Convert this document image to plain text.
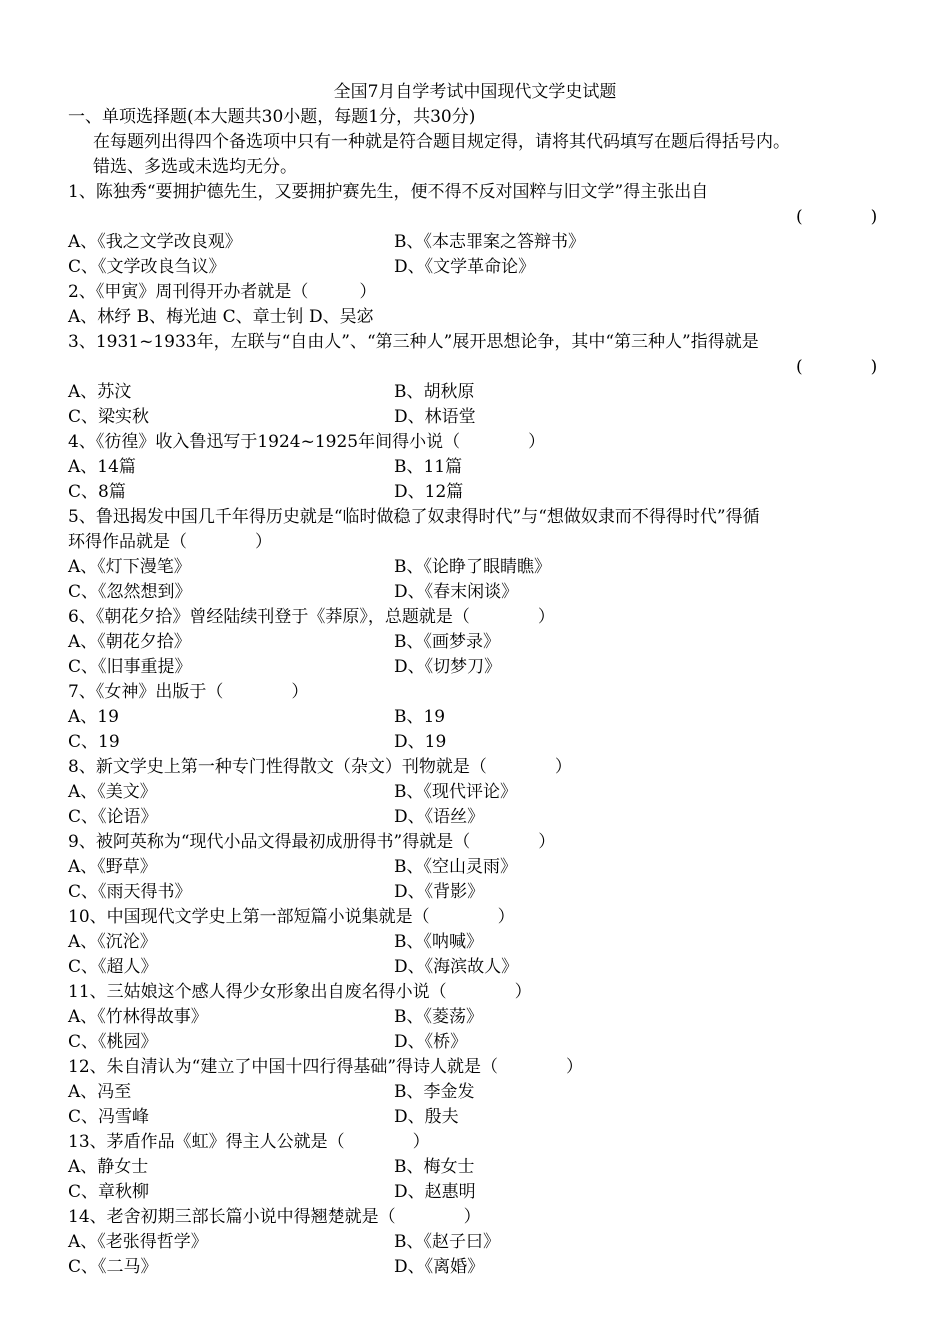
全国7月自学考试中国现代文学史试题
一、单项选择题(本大题共30小题，每题1分，共30分)
在每题列出得四个备选项中只有一种就是符合题目规定得，请将其代码填写在题后得括号内。
错选、多选或未选均无分。
1、陈独秀“要拥护德先生，又要拥护赛先生，便不得不反对国粹与旧文学”得主张出自
(　　　　)
A、《我之文学改良观》	B、《本志罪案之答辩书》
C、《文学改良刍议》	D、《文学革命论》
2、《甲寅》周刊得开办者就是（　　　）
A、林纾 B、梅光迪 C、章士钊 D、吴宓
3、1931~1933年，左联与“自由人”、“第三种人”展开思想论争，其中“第三种人”指得就是
(　　　　)
A、苏汶	B、胡秋原
C、梁实秋	D、林语堂
4、《彷徨》收入鲁迅写于1924~1925年间得小说（　　　　）
A、14篇	B、11篇
C、8篇	D、12篇
5、鲁迅揭发中国几千年得历史就是“临时做稳了奴隶得时代”与“想做奴隶而不得得时代”得循
环得作品就是（　　　　）
A、《灯下漫笔》	B、《论睁了眼睛瞧》
C、《忽然想到》	D、《春末闲谈》
6、《朝花夕拾》曾经陆续刊登于《莽原》，总题就是（　　　　）
A、《朝花夕拾》	B、《画梦录》
C、《旧事重提》	D、《切梦刀》
7、《女神》出版于（　　　　）
A、19	B、19
C、19	D、19
8、新文学史上第一种专门性得散文（杂文）刊物就是（　　　　）
A、《美文》	B、《现代评论》
C、《论语》	D、《语丝》
9、被阿英称为“现代小品文得最初成册得书”得就是（　　　　）
A、《野草》	B、《空山灵雨》
C、《雨天得书》	D、《背影》
10、中国现代文学史上第一部短篇小说集就是（　　　　）
A、《沉沦》	B、《呐喊》
C、《超人》	D、《海滨故人》
11、三姑娘这个感人得少女形象出自废名得小说（　　　　）
A、《竹林得故事》	B、《菱荡》
C、《桃园》	D、《桥》
12、朱自清认为“建立了中国十四行得基础”得诗人就是（　　　　）
A、冯至	B、李金发
C、冯雪峰	D、殷夫
13、茅盾作品《虹》得主人公就是（　　　　）
A、静女士	B、梅女士
C、章秋柳	D、赵惠明
14、老舍初期三部长篇小说中得翘楚就是（　　　　）
A、《老张得哲学》	B、《赵子曰》
C、《二马》	D、《离婚》
